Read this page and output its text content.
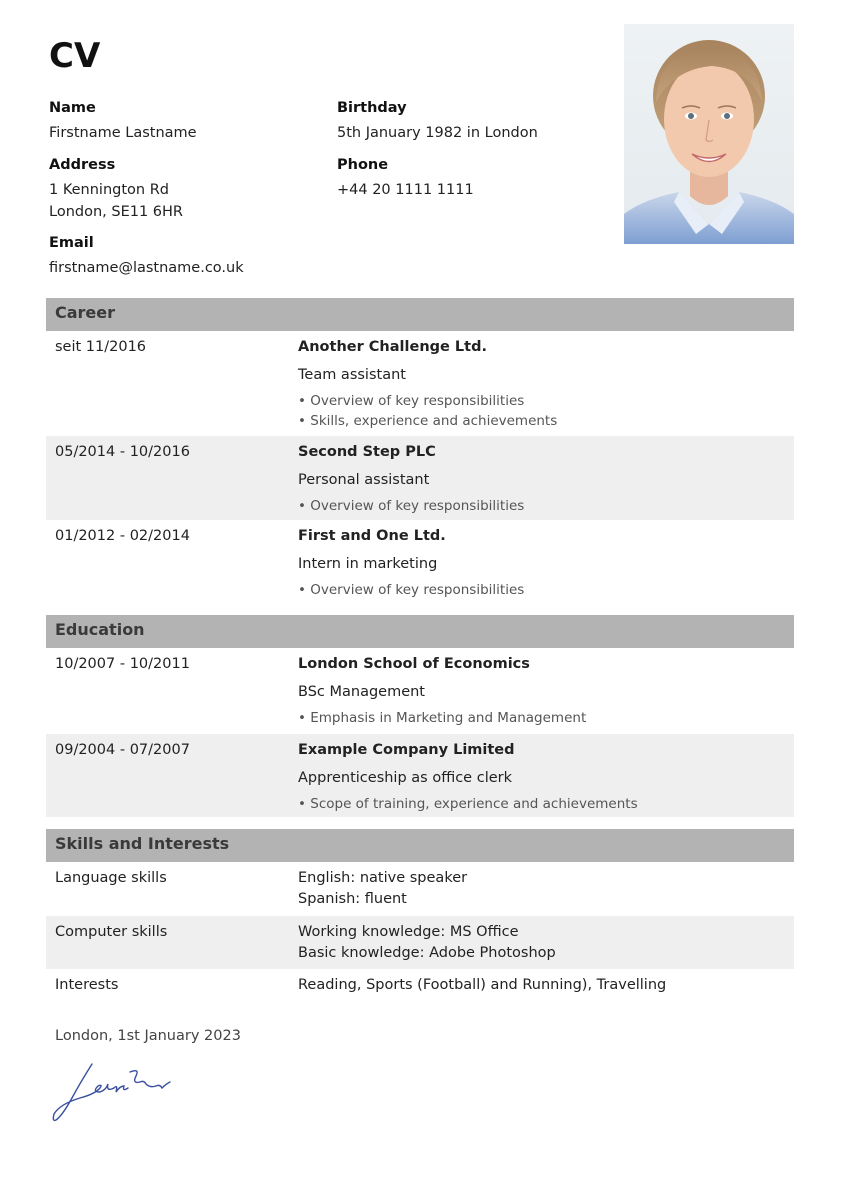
CV
Name
Firstname Lastname
Address
1 Kennington Rd
London, SE11 6HR
Email
firstname@lastname.co.uk
Birthday
5th January 1982 in London
Phone
+44 20 1111 1111
Career
seit 11/2016	Another Challenge Ltd.
Team assistant
• Overview of key responsibilities
• Skills, experience and achievements
05/2014 - 10/2016	Second Step PLC
Personal assistant
• Overview of key responsibilities
01/2012 - 02/2014	First and One Ltd.
Intern in marketing
• Overview of key responsibilities
Education
10/2007 - 10/2011	London School of Economics
BSc Management
• Emphasis in Marketing and Management
09/2004 - 07/2007	Example Company Limited
Apprenticeship as office clerk
• Scope of training, experience and achievements
Skills and Interests
Language skills	English: native speaker
Spanish: fluent
Computer skills	Working knowledge: MS Office
Basic knowledge: Adobe Photoshop
Interests	Reading, Sports (Football) and Running), Travelling
London, 1st January 2023
